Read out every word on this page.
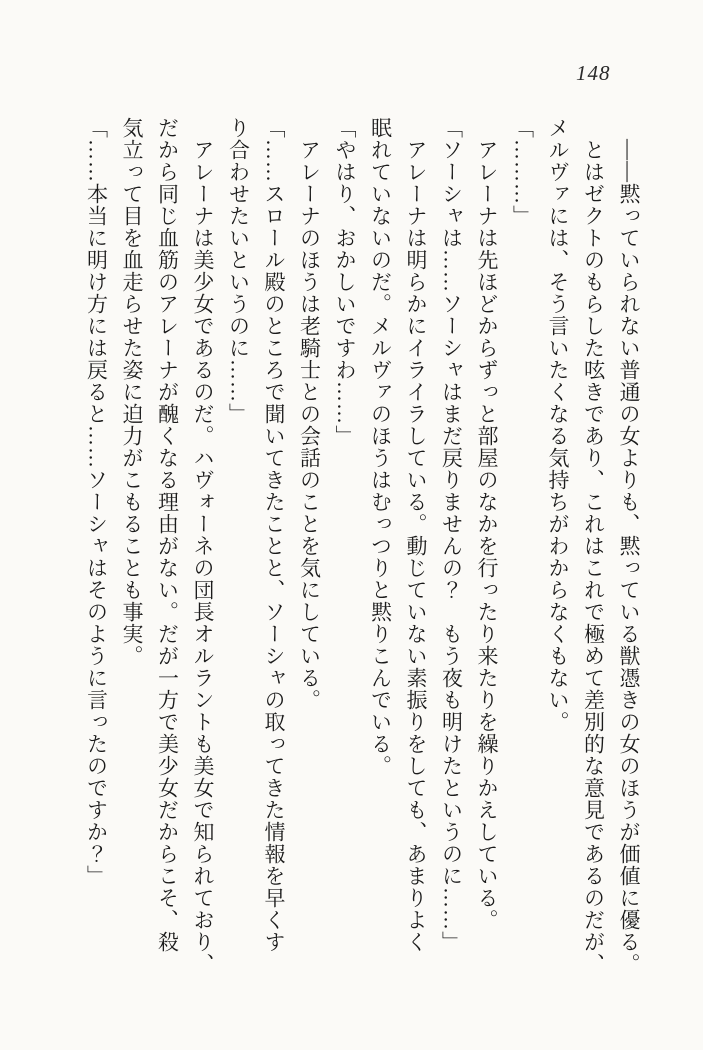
148
　――黙っていられない普通の女よりも、黙っている獣憑きの女のほうが価値に優る。
　とはゼクトのもらした呟きであり、これはこれで極めて差別的な意見であるのだが、
メルヴァには、そう言いたくなる気持ちがわからなくもない。
「………」
　アレーナは先ほどからずっと部屋のなかを行ったり来たりを繰りかえしている。
「ソーシャは……ソーシャはまだ戻りませんの？　もう夜も明けたというのに……」
　アレーナは明らかにイライラしている。動じていない素振りをしても、あまりよく
眠れていないのだ。メルヴァのほうはむっつりと黙りこんでいる。
「やはり、おかしいですわ……」
　アレーナのほうは老騎士との会話のことを気にしている。
「……スロール殿のところで聞いてきたことと、ソーシャの取ってきた情報を早くす
り合わせたいというのに……」
　アレーナは美少女であるのだ。ハヴォーネの団長オルラントも美女で知られており、
だから同じ血筋のアレーナが醜くなる理由がない。だが一方で美少女だからこそ、殺
気立って目を血走らせた姿に迫力がこもることも事実。
「……本当に明け方には戻ると……ソーシャはそのように言ったのですか？」
